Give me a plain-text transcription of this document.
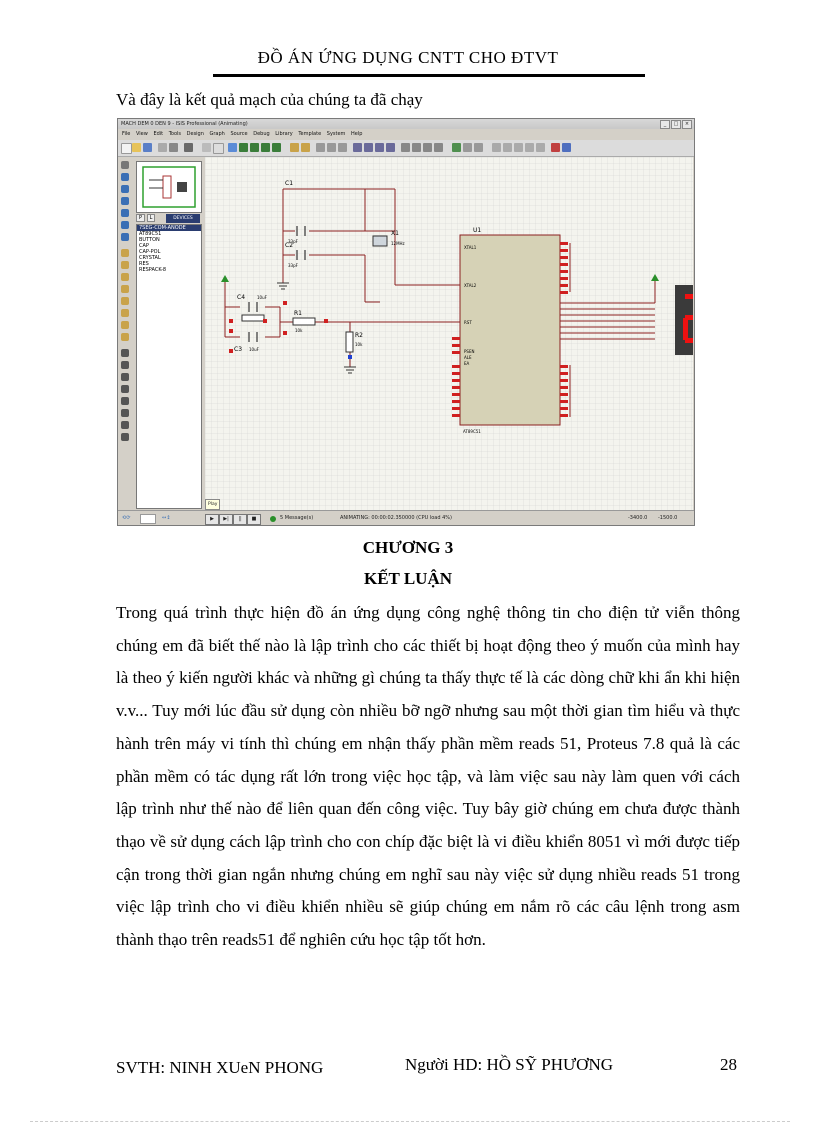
ĐỒ ÁN ỨNG DỤNG CNTT CHO ĐTVT
Và đây là kết quả mạch của chúng ta đã chạy
MACH DEM 0 DEN 9 - ISIS Professional (Animating)	_	□	×
File View Edit Tools Design Graph Source Debug Library Template System Help
P L	DEVICES
7SEG-COM-ANODE
AT89C51
BUTTON
CAP
CAP-POL
CRYSTAL
RES
RESPACK-8
C1
33pF
C2
33pF
X1
12MHz
C4	10uF
C3 10uF
R1
10k
R2
10k
U1
AT89C51
XTAL1
XTAL2
RST
PSEN
ALE
EA
⟲⟳	↔↕	▶
Play
▶|	||	■	5 Message(s)	ANIMATING: 00:00:02.350000 (CPU load 4%)	-3400.0 -1500.0
CHƯƠNG 3
KẾT LUẬN
Trong quá trình thực hiện đồ án ứng dụng công nghệ thông tin cho điện tử viễn thông chúng em đã biết thế nào là lập trình cho các thiết bị hoạt động theo ý muốn của mình hay là theo ý kiến người khác và những gì chúng ta thấy thực tế là các dòng chữ khi ẩn khi hiện v.v... Tuy mới lúc đầu sử dụng còn nhiều bỡ ngỡ nhưng sau một thời gian tìm hiểu và thực hành trên máy vi tính thì chúng em nhận thấy phần mềm reads 51, Proteus 7.8 quả là các phần mềm có tác dụng rất lớn trong việc học tập, và làm việc sau này làm quen với cách lập trình như thế nào để liên quan đến công việc. Tuy bây giờ chúng em chưa được thành thạo về sử dụng cách lập trình cho con chíp đặc biệt là vi điều khiển 8051 vì mới được tiếp cận trong thời gian ngắn nhưng chúng em nghĩ sau này việc sử dụng nhiều reads 51 trong việc lập trình cho vi điều khiển nhiều sẽ giúp chúng em nắm rõ các câu lệnh trong asm thành thạo trên reads51 để nghiên cứu học tập tốt hơn.
SVTH: NINH XUeN PHONG	Người HD: HỒ SỸ PHƯƠNG	28
